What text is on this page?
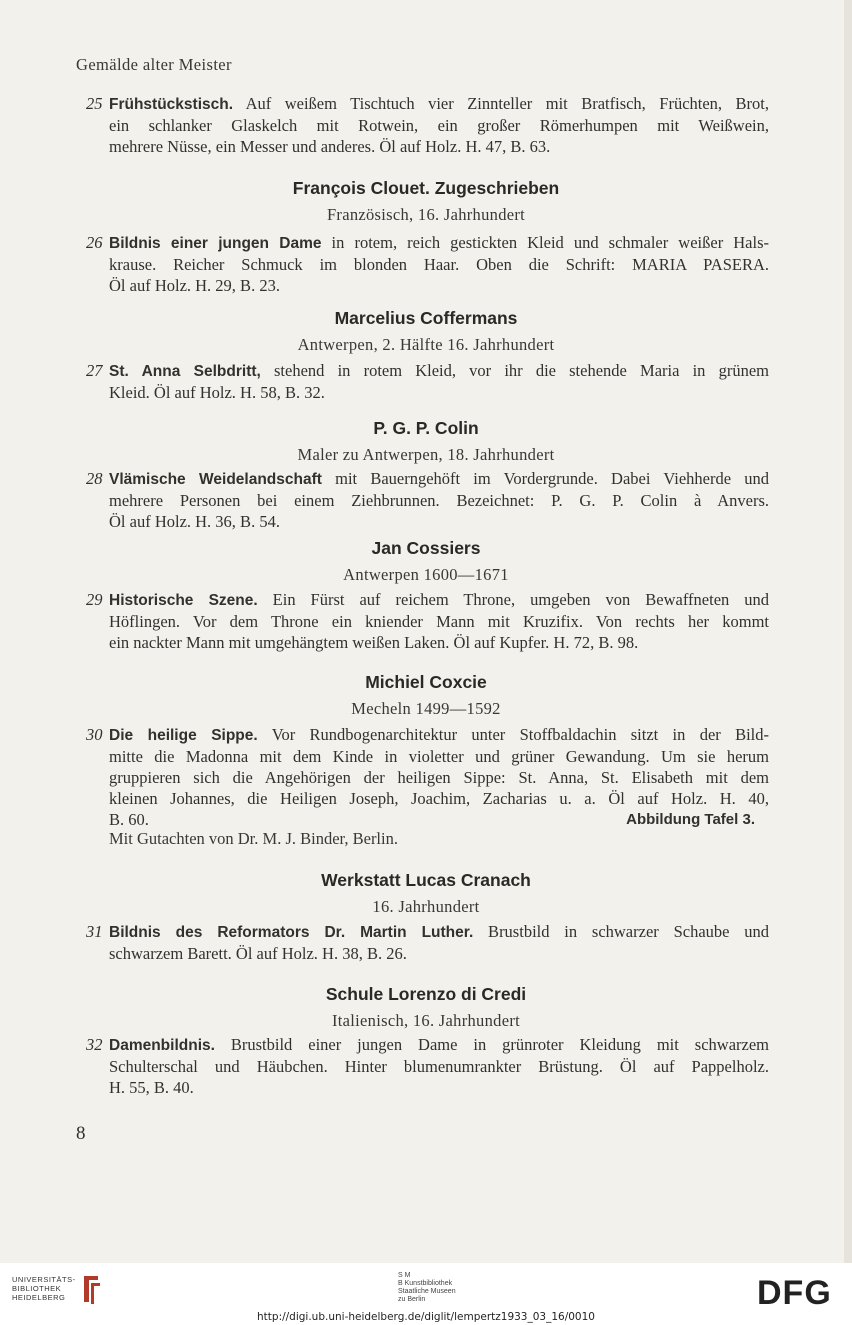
Gemälde alter Meister
25 Frühstückstisch. Auf weißem Tischtuch vier Zinnteller mit Bratfisch, Früchten, Brot,
ein schlanker Glaskelch mit Rotwein, ein großer Römerhumpen mit Weißwein,
mehrere Nüsse, ein Messer und anderes. Öl auf Holz. H. 47, B. 63.
François Clouet. Zugeschrieben
Französisch, 16. Jahrhundert
26 Bildnis einer jungen Dame in rotem, reich gestickten Kleid und schmaler weißer Hals-
krause. Reicher Schmuck im blonden Haar. Oben die Schrift: MARIA PASERA.
Öl auf Holz. H. 29, B. 23.
Marcelius Coffermans
Antwerpen, 2. Hälfte 16. Jahrhundert
27 St. Anna Selbdritt, stehend in rotem Kleid, vor ihr die stehende Maria in grünem
Kleid. Öl auf Holz. H. 58, B. 32.
P. G. P. Colin
Maler zu Antwerpen, 18. Jahrhundert
28 Vlämische Weidelandschaft mit Bauerngehöft im Vordergrunde. Dabei Viehherde und
mehrere Personen bei einem Ziehbrunnen. Bezeichnet: P. G. P. Colin à Anvers.
Öl auf Holz. H. 36, B. 54.
Jan Cossiers
Antwerpen 1600—1671
29 Historische Szene. Ein Fürst auf reichem Throne, umgeben von Bewaffneten und
Höflingen. Vor dem Throne ein kniender Mann mit Kruzifix. Von rechts her kommt
ein nackter Mann mit umgehängtem weißen Laken. Öl auf Kupfer. H. 72, B. 98.
Michiel Coxcie
Mecheln 1499—1592
30 Die heilige Sippe. Vor Rundbogenarchitektur unter Stoffbaldachin sitzt in der Bild-
mitte die Madonna mit dem Kinde in violetter und grüner Gewandung. Um sie herum
gruppieren sich die Angehörigen der heiligen Sippe: St. Anna, St. Elisabeth mit dem
kleinen Johannes, die Heiligen Joseph, Joachim, Zacharias u. a. Öl auf Holz. H. 40,
B. 60.	Abbildung Tafel 3.
Mit Gutachten von Dr. M. J. Binder, Berlin.
Werkstatt Lucas Cranach
16. Jahrhundert
31 Bildnis des Reformators Dr. Martin Luther. Brustbild in schwarzer Schaube und
schwarzem Barett. Öl auf Holz. H. 38, B. 26.
Schule Lorenzo di Credi
Italienisch, 16. Jahrhundert
32 Damenbildnis. Brustbild einer jungen Dame in grünroter Kleidung mit schwarzem
Schulterschal und Häubchen. Hinter blumenumrankter Brüstung. Öl auf Pappelholz.
H. 55, B. 40.
8
UNIVERSITÄTS-
BIBLIOTHEK
HEIDELBERG
S M
B Kunstbibliothek
Staatliche Museen
zu Berlin	DFG
http://digi.ub.uni-heidelberg.de/diglit/lempertz1933_03_16/0010
